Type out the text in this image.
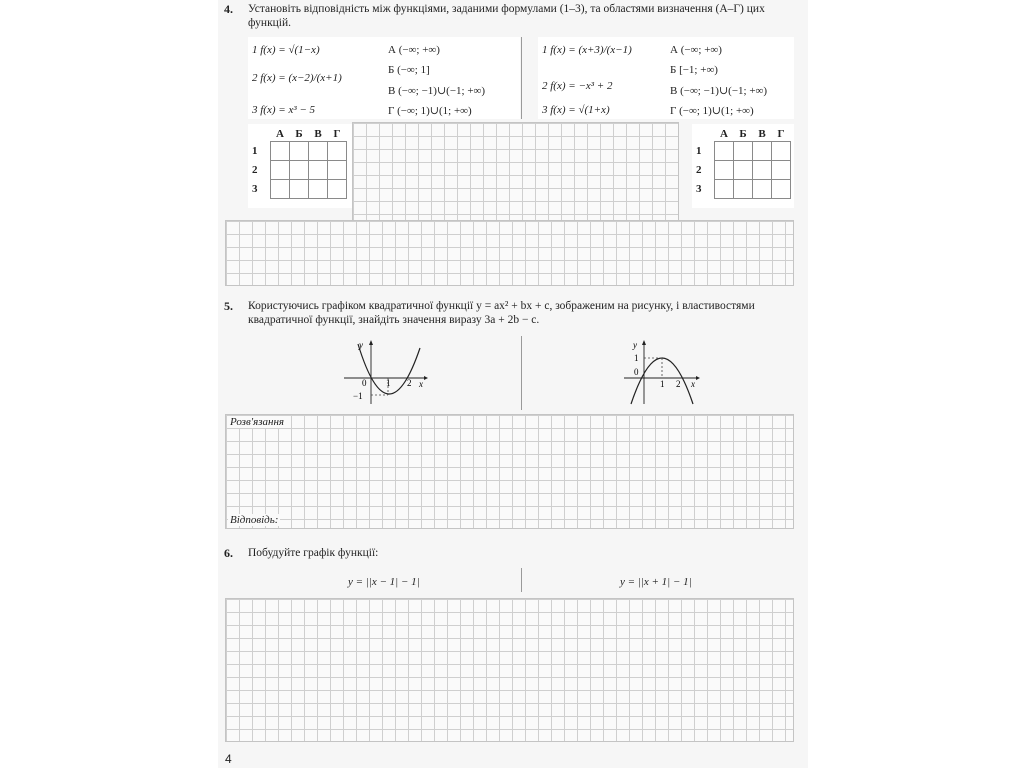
4. Установіть відповідність між функціями, заданими формулами (1–3), та областями визначення (А–Г) цих функцій.
1 f(x) = √(1−x)
2 f(x) = (x−2)/(x+1)
3 f(x) = x³ − 5
А (−∞; +∞)
Б (−∞; 1]
В (−∞; −1)∪(−1; +∞)
Г (−∞; 1)∪(1; +∞)
1 f(x) = (x+3)/(x−1)
2 f(x) = −x³ + 2
3 f(x) = √(1+x)
А (−∞; +∞)
Б [−1; +∞)
В (−∞; −1)∪(−1; +∞)
Г (−∞; 1)∪(1; +∞)
	А	Б	В	Г
1				
2				
3				
	А	Б	В	Г
1				
2				
3				
5. Користуючись графіком квадратичної функції y = ax² + bx + c, зображеним на рисунку, і властивостями квадратичної функції, знайдіть значення виразу 3a + 2b − c.
y
x
0 1 2
−1
y
x
0
1
1 2
Розв'язання
Відповідь:
6. Побудуйте графік функції:
y = ||x − 1| − 1|	y = ||x + 1| − 1|
4
